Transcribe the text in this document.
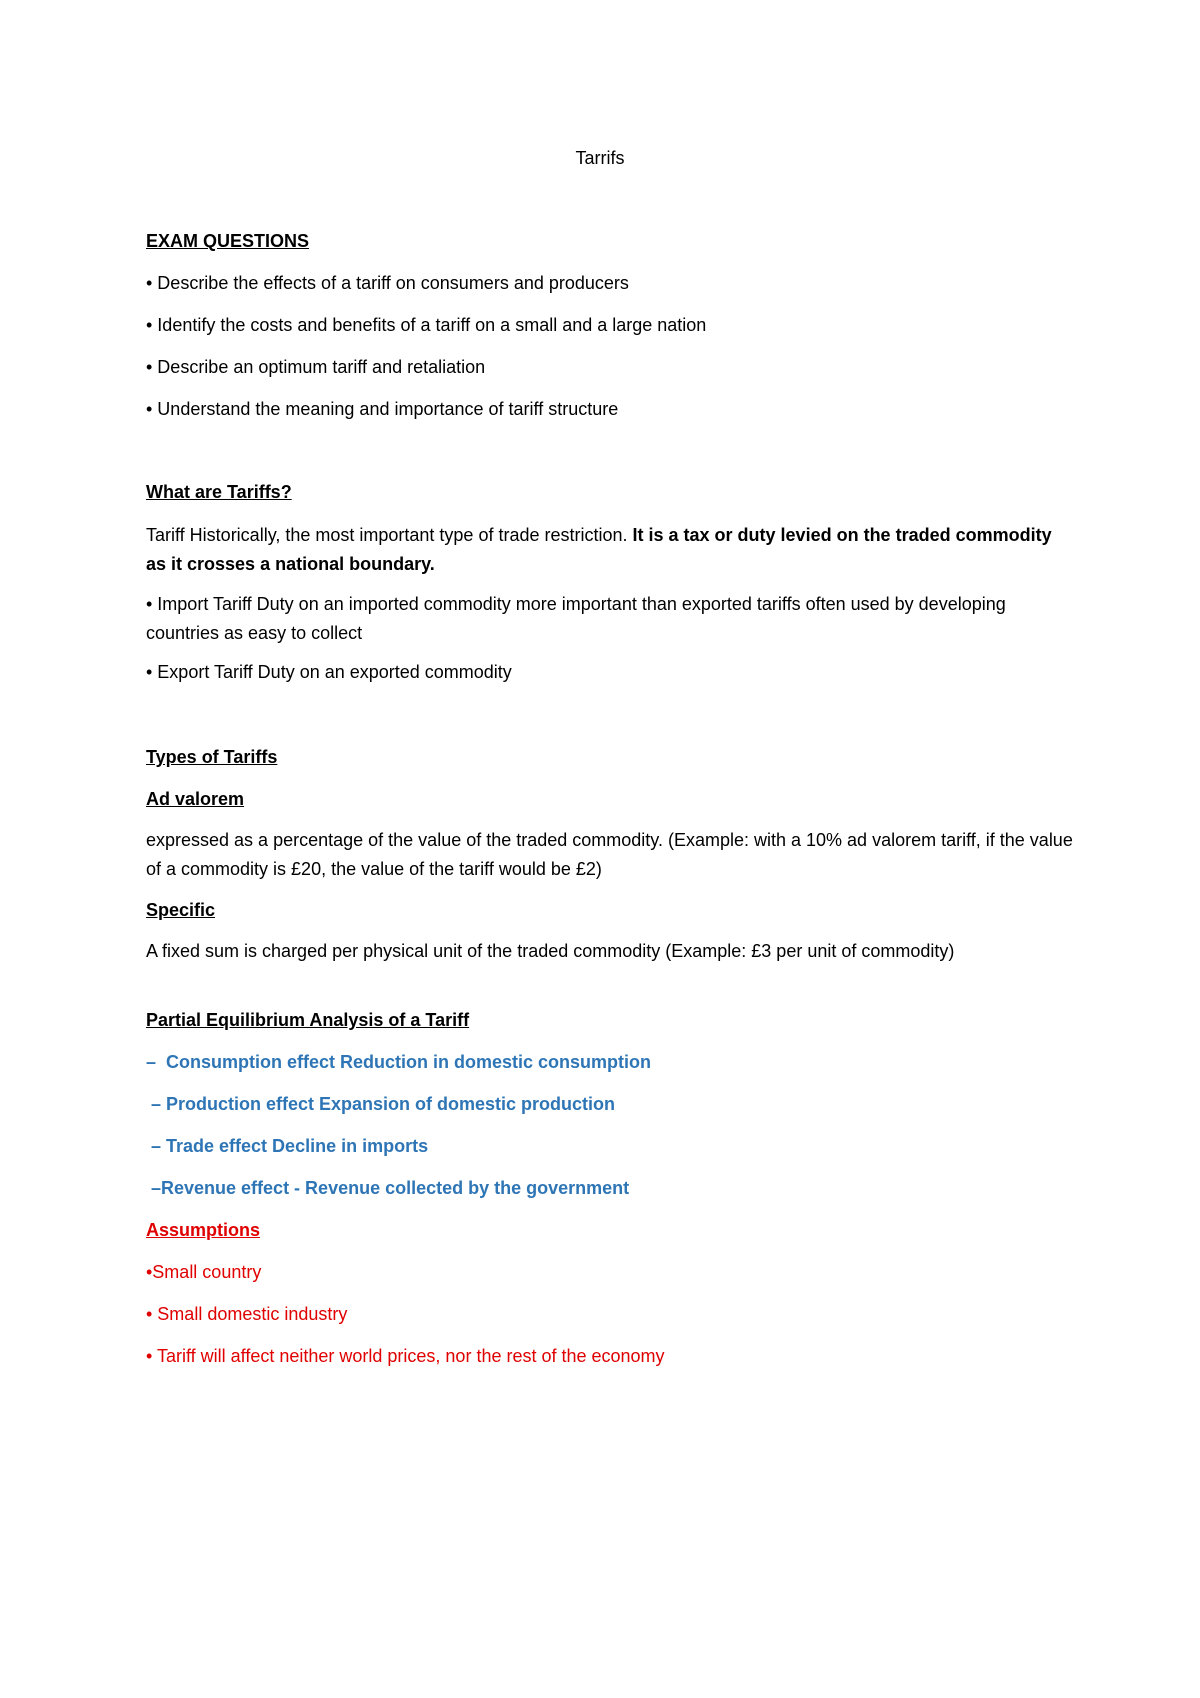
Tarrifs
EXAM QUESTIONS
• Describe the effects of a tariff on consumers and producers
• Identify the costs and benefits of a tariff on a small and a large nation
• Describe an optimum tariff and retaliation
• Understand the meaning and importance of tariff structure
What are Tariffs?
Tariff Historically, the most important type of trade restriction. It is a tax or duty levied on the traded commodity as it crosses a national boundary.
• Import Tariff Duty on an imported commodity more important than exported tariffs often used by developing countries as easy to collect
• Export Tariff Duty on an exported commodity
Types of Tariffs
Ad valorem
expressed as a percentage of the value of the traded commodity. (Example: with a 10% ad valorem tariff, if the value of a commodity is £20, the value of the tariff would be £2)
Specific
A fixed sum is charged per physical unit of the traded commodity (Example: £3 per unit of commodity)
Partial Equilibrium Analysis of a Tariff
–  Consumption effect Reduction in domestic consumption
– Production effect Expansion of domestic production
– Trade effect Decline in imports
–Revenue effect - Revenue collected by the government
Assumptions
•Small country
• Small domestic industry
• Tariff will affect neither world prices, nor the rest of the economy
